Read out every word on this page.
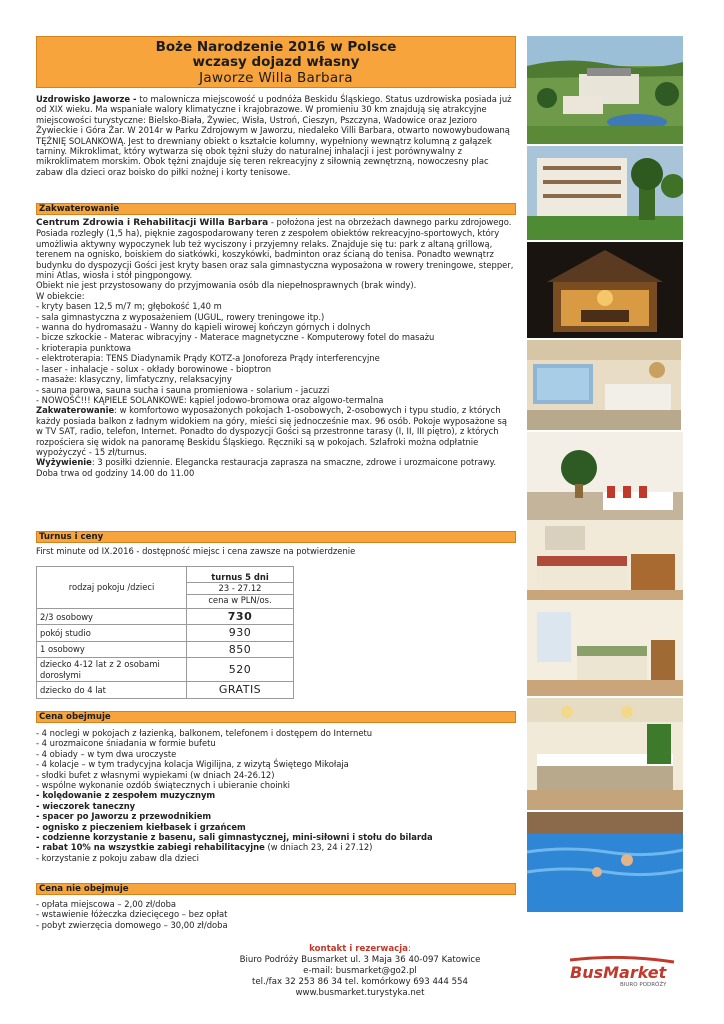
Boże Narodzenie 2016 w Polsce
wczasy dojazd własny
Jaworze Willa Barbara
Uzdrowisko Jaworze - to malownicza miejscowość u podnóża Beskidu Śląskiego. Status uzdrowiska posiada już od XIX wieku. Ma wspaniałe walory klimatyczne i krajobrazowe. W promieniu 30 km znajdują się atrakcyjne miejscowości turystyczne: Bielsko-Biała, Żywiec, Wisła, Ustroń, Cieszyn, Pszczyna, Wadowice oraz Jezioro Żywieckie i Góra Żar. W 2014r w Parku Zdrojowym w Jaworzu, niedaleko Villi Barbara, otwarto nowowybudowaną TĘŻNIĘ SOLANKOWĄ. Jest to drewniany obiekt o kształcie kolumny, wypełniony wewnątrz kolumną z gałązek tarniny. Mikroklimat, który wytwarza się obok tężni służy do naturalnej inhalacji i jest porównywalny z mikroklimatem morskim. Obok tężni znajduje się teren rekreacyjny z siłownią zewnętrzną, nowoczesny plac zabaw dla dzieci oraz boisko do piłki nożnej i korty tenisowe.
Zakwaterowanie
Centrum Zdrowia i Rehabilitacji Willa Barbara - położona jest na obrzeżach dawnego parku zdrojowego. Posiada rozległy (1,5 ha), pięknie zagospodarowany teren z zespołem obiektów rekreacyjno-sportowych, który umożliwia aktywny wypoczynek lub też wyciszony i przyjemny relaks. Znajduje się tu: park z altaną grillową, terenem na ognisko, boiskiem do siatkówki, koszykówki, badminton oraz ścianą do tenisa. Ponadto wewnątrz budynku do dyspozycji Gości jest kryty basen oraz sala gimnastyczna wyposażona w rowery treningowe, stepper, mini Atlas, wiosła i stół pingpongowy.
Obiekt nie jest przystosowany do przyjmowania osób dla niepełnosprawnych (brak windy).
W obiekcie:
- kryty basen 12,5 m/7 m; głębokość 1,40 m
- sala gimnastyczna z wyposażeniem (UGUL, rowery treningowe itp.)
- wanna do hydromasażu - Wanny do kąpieli wirowej kończyn górnych i dolnych
- bicze szkockie - Materac wibracyjny - Materace magnetyczne - Komputerowy fotel do masażu
- krioterapia punktowa
- elektroterapia: TENS Diadynamik Prądy KOTZ-a Jonoforeza Prądy interferencyjne
- laser - inhalacje - solux - okłady borowinowe - bioptron
- masaże: klasyczny, limfatyczny, relaksacyjny
- sauna parowa, sauna sucha i sauna promieniowa - solarium - jacuzzi
- NOWOŚĆ!!! KĄPIELE SOLANKOWE: kąpiel jodowo-bromowa oraz algowo-termalna
Zakwaterowanie: w komfortowo wyposażonych pokojach 1-osobowych, 2-osobowych i typu studio, z których każdy posiada balkon z ładnym widokiem na góry, mieści się jednocześnie max. 96 osób. Pokoje wyposażone są w TV SAT, radio, telefon, Internet. Ponadto do dyspozycji Gości są przestronne tarasy (I, II, III piętro), z których rozpościera się widok na panoramę Beskidu Śląskiego. Ręczniki są w pokojach. Szlafroki można odpłatnie wypożyczyć - 15 zł/turnus.
Wyżywienie: 3 posiłki dziennie. Elegancka restauracja zaprasza na smaczne, zdrowe i urozmaicone potrawy. Doba trwa od godziny 14.00 do 11.00
Turnus i ceny
First minute od IX.2016 - dostępność miejsc i cena zawsze na potwierdzenie
rodzaj pokoju /dzieci	turnus 5 dni
23 - 27.12
cena w PLN/os.

2/3 osobowy	730
pokój studio	930
1 osobowy	850
dziecko 4-12 lat z 2 osobami dorosłymi	520
dziecko do 4 lat	GRATIS
Cena obejmuje
- 4 noclegi w pokojach z łazienką, balkonem, telefonem i dostępem do Internetu
- 4 urozmaicone śniadania w formie bufetu
- 4 obiady – w tym dwa uroczyste
- 4 kolacje – w tym tradycyjna kolacja Wigilijna, z wizytą Świętego Mikołaja
- słodki bufet z własnymi wypiekami (w dniach 24-26.12)
- wspólne wykonanie ozdób świątecznych i ubieranie choinki
- kolędowanie z zespołem muzycznym
- wieczorek taneczny
- spacer po Jaworzu z przewodnikiem
- ognisko z pieczeniem kiełbasek i grzańcem
- codzienne korzystanie z basenu, sali gimnastycznej, mini-siłowni i stołu do bilarda
- rabat 10% na wszystkie zabiegi rehabilitacyjne (w dniach 23, 24 i 27.12)
- korzystanie z pokoju zabaw dla dzieci
Cena nie obejmuje
- opłata miejscowa – 2,00 zł/doba
- wstawienie łóżeczka dziecięcego – bez opłat
- pobyt zwierzęcia domowego – 30,00 zł/doba
kontakt i rezerwacja:
Biuro Podróży Busmarket ul. 3 Maja 36 40-097 Katowice
e-mail: busmarket@go2.pl
tel./fax 32 253 86 34 tel. komórkowy 693 444 554
www.busmarket.turystyka.net
BusMarket
BIURO PODRÓŻY
